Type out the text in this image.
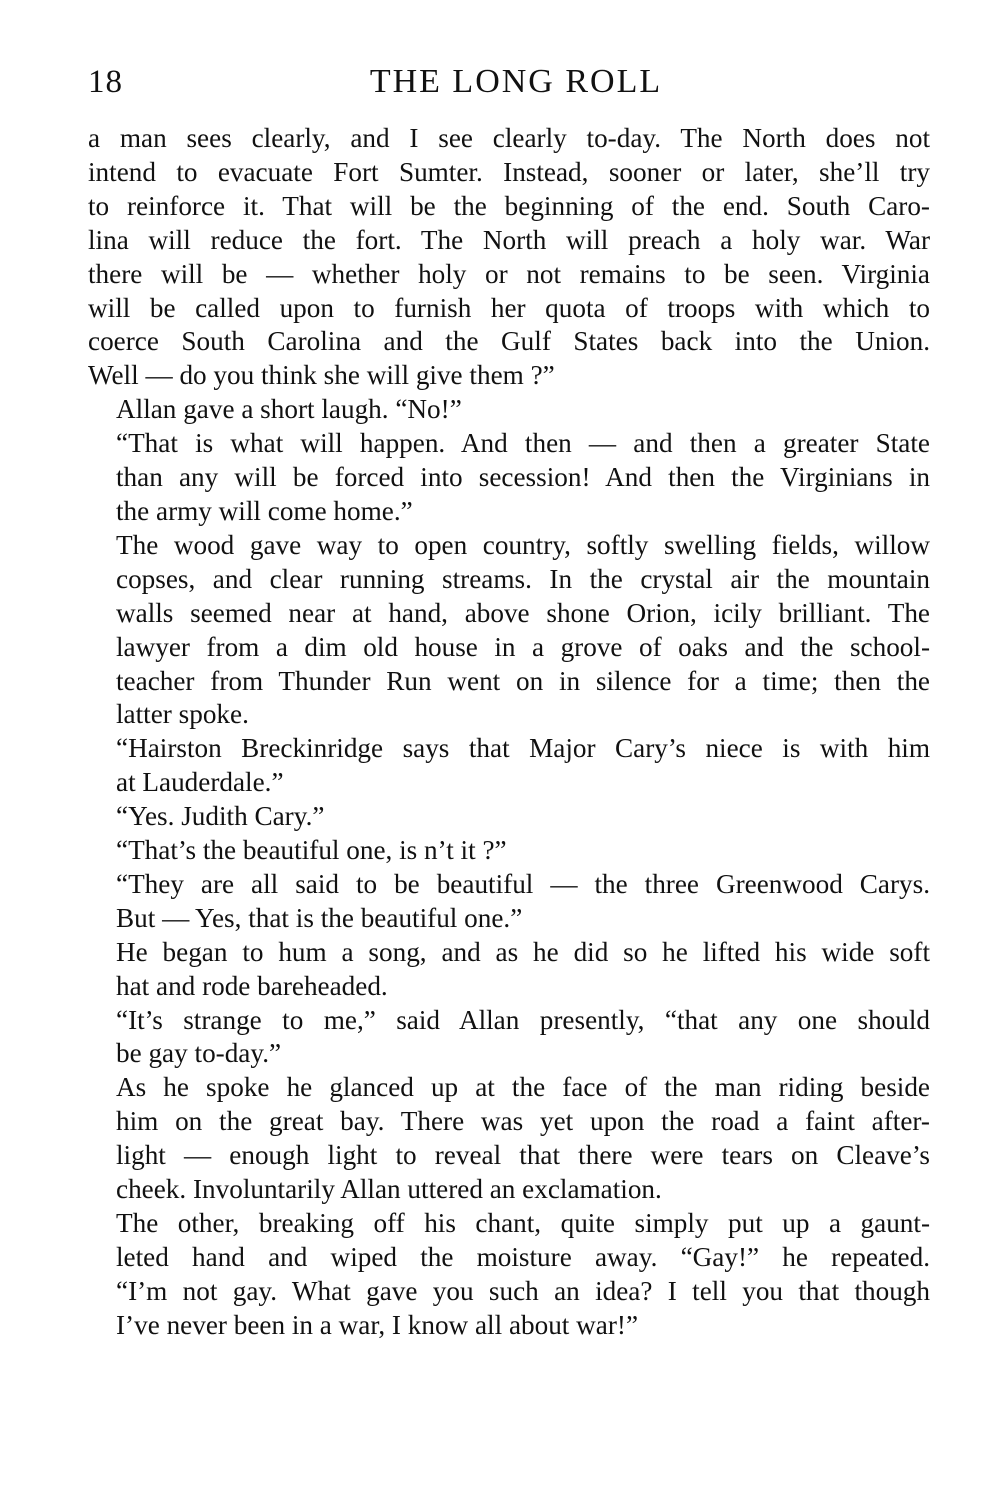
18	THE LONG ROLL

a man sees clearly, and I see clearly to-day. The North does not
intend to evacuate Fort Sumter. Instead, sooner or later, she’ll try
to reinforce it. That will be the beginning of the end. South Caro-
lina will reduce the fort. The North will preach a holy war. War
there will be — whether holy or not remains to be seen. Virginia
will be called upon to furnish her quota of troops with which to
coerce South Carolina and the Gulf States back into the Union.
Well — do you think she will give them ?”

Allan gave a short laugh. “No!”

“That is what will happen. And then — and then a greater State
than any will be forced into secession! And then the Virginians in
the army will come home.”

The wood gave way to open country, softly swelling fields, willow
copses, and clear running streams. In the crystal air the mountain
walls seemed near at hand, above shone Orion, icily brilliant. The
lawyer from a dim old house in a grove of oaks and the school-
teacher from Thunder Run went on in silence for a time; then the
latter spoke.

“Hairston Breckinridge says that Major Cary’s niece is with him
at Lauderdale.”

“Yes. Judith Cary.”

“That’s the beautiful one, is n’t it ?”

“They are all said to be beautiful — the three Greenwood Carys.
But — Yes, that is the beautiful one.”

He began to hum a song, and as he did so he lifted his wide soft
hat and rode bareheaded.

“It’s strange to me,” said Allan presently, “that any one should
be gay to-day.”

As he spoke he glanced up at the face of the man riding beside
him on the great bay. There was yet upon the road a faint after-
light — enough light to reveal that there were tears on Cleave’s
cheek. Involuntarily Allan uttered an exclamation.

The other, breaking off his chant, quite simply put up a gaunt-
leted hand and wiped the moisture away. “Gay!” he repeated.
“I’m not gay. What gave you such an idea? I tell you that though
I’ve never been in a war, I know all about war!”
